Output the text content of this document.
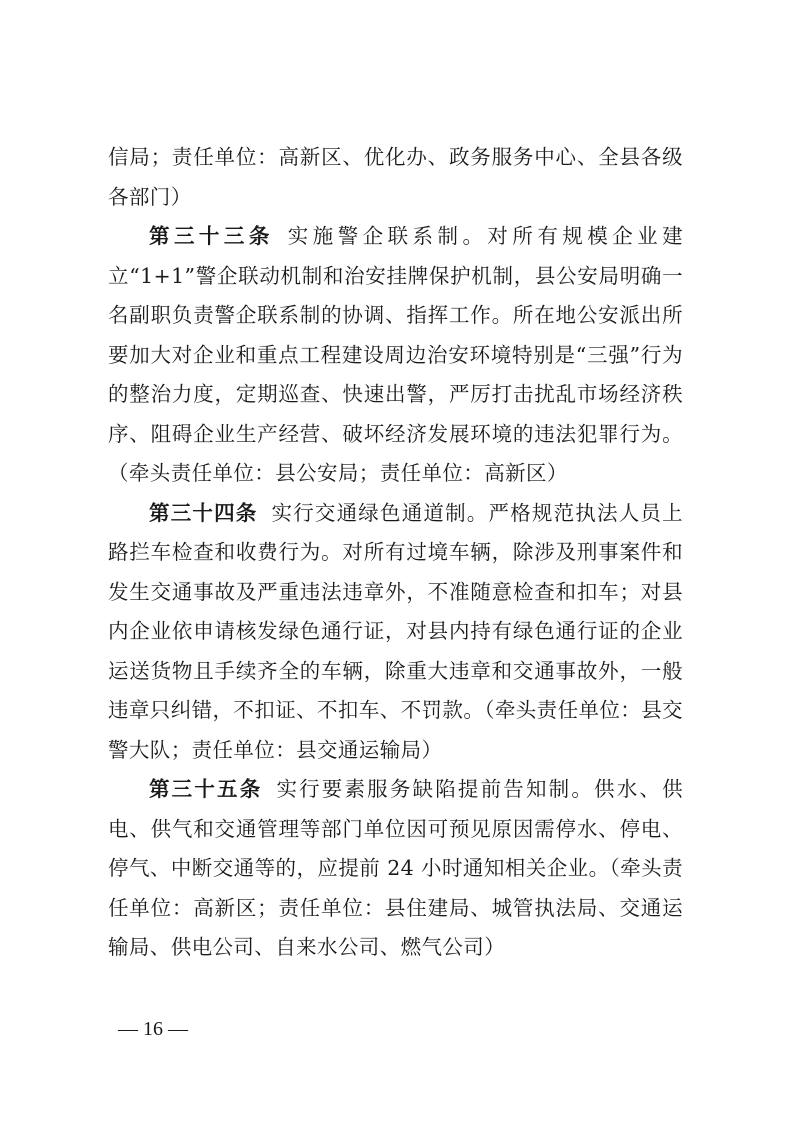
信局；责任单位：高新区、优化办、政务服务中心、全县各级各部门）

第三十三条 实施警企联系制。对所有规模企业建立“1+1”警企联动机制和治安挂牌保护机制，县公安局明确一名副职负责警企联系制的协调、指挥工作。所在地公安派出所要加大对企业和重点工程建设周边治安环境特别是“三强”行为的整治力度，定期巡查、快速出警，严厉打击扰乱市场经济秩序、阻碍企业生产经营、破坏经济发展环境的违法犯罪行为。（牵头责任单位：县公安局；责任单位：高新区）

第三十四条 实行交通绿色通道制。严格规范执法人员上路拦车检查和收费行为。对所有过境车辆，除涉及刑事案件和发生交通事故及严重违法违章外，不准随意检查和扣车；对县内企业依申请核发绿色通行证，对县内持有绿色通行证的企业运送货物且手续齐全的车辆，除重大违章和交通事故外，一般违章只纠错，不扣证、不扣车、不罚款。（牵头责任单位：县交警大队；责任单位：县交通运输局）

第三十五条 实行要素服务缺陷提前告知制。供水、供电、供气和交通管理等部门单位因可预见原因需停水、停电、停气、中断交通等的，应提前 24 小时通知相关企业。（牵头责任单位：高新区；责任单位：县住建局、城管执法局、交通运输局、供电公司、自来水公司、燃气公司）

— 16 —
